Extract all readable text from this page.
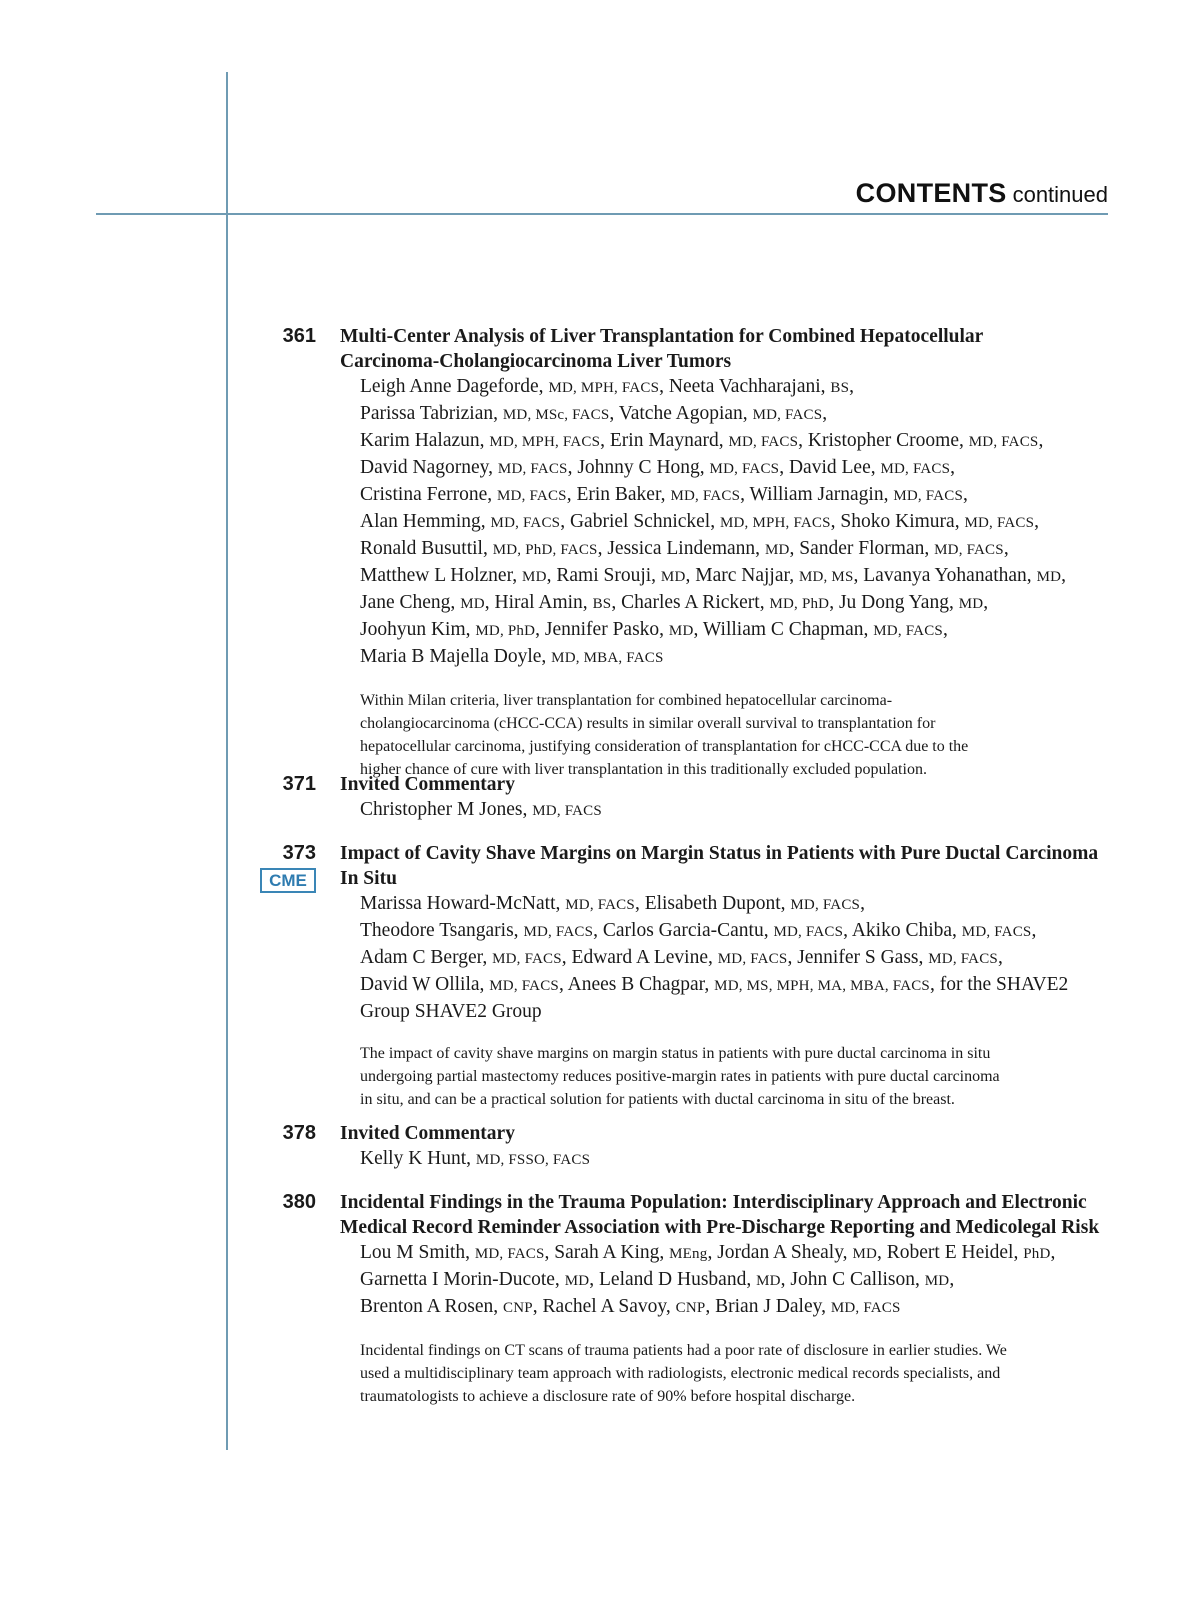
CONTENTS continued
361 Multi-Center Analysis of Liver Transplantation for Combined Hepatocellular
Carcinoma-Cholangiocarcinoma Liver Tumors
Leigh Anne Dageforde, MD, MPH, FACS, Neeta Vachharajani, BS,
Parissa Tabrizian, MD, MSc, FACS, Vatche Agopian, MD, FACS,
Karim Halazun, MD, MPH, FACS, Erin Maynard, MD, FACS, Kristopher Croome, MD, FACS,
David Nagorney, MD, FACS, Johnny C Hong, MD, FACS, David Lee, MD, FACS,
Cristina Ferrone, MD, FACS, Erin Baker, MD, FACS, William Jarnagin, MD, FACS,
Alan Hemming, MD, FACS, Gabriel Schnickel, MD, MPH, FACS, Shoko Kimura, MD, FACS,
Ronald Busuttil, MD, PhD, FACS, Jessica Lindemann, MD, Sander Florman, MD, FACS,
Matthew L Holzner, MD, Rami Srouji, MD, Marc Najjar, MD, MS, Lavanya Yohanathan, MD,
Jane Cheng, MD, Hiral Amin, BS, Charles A Rickert, MD, PhD, Ju Dong Yang, MD,
Joohyun Kim, MD, PhD, Jennifer Pasko, MD, William C Chapman, MD, FACS,
Maria B Majella Doyle, MD, MBA, FACS
Within Milan criteria, liver transplantation for combined hepatocellular carcinoma-
cholangiocarcinoma (cHCC-CCA) results in similar overall survival to transplantation for
hepatocellular carcinoma, justifying consideration of transplantation for cHCC-CCA due to the
higher chance of cure with liver transplantation in this traditionally excluded population.
371 Invited Commentary
Christopher M Jones, MD, FACS
373
CME
Impact of Cavity Shave Margins on Margin Status in Patients with Pure Ductal Carcinoma
In Situ
Marissa Howard-McNatt, MD, FACS, Elisabeth Dupont, MD, FACS,
Theodore Tsangaris, MD, FACS, Carlos Garcia-Cantu, MD, FACS, Akiko Chiba, MD, FACS,
Adam C Berger, MD, FACS, Edward A Levine, MD, FACS, Jennifer S Gass, MD, FACS,
David W Ollila, MD, FACS, Anees B Chagpar, MD, MS, MPH, MA, MBA, FACS, for the SHAVE2
Group SHAVE2 Group
The impact of cavity shave margins on margin status in patients with pure ductal carcinoma in situ
undergoing partial mastectomy reduces positive-margin rates in patients with pure ductal carcinoma
in situ, and can be a practical solution for patients with ductal carcinoma in situ of the breast.
378 Invited Commentary
Kelly K Hunt, MD, FSSO, FACS
380 Incidental Findings in the Trauma Population: Interdisciplinary Approach and Electronic
Medical Record Reminder Association with Pre-Discharge Reporting and Medicolegal Risk
Lou M Smith, MD, FACS, Sarah A King, MEng, Jordan A Shealy, MD, Robert E Heidel, PhD,
Garnetta I Morin-Ducote, MD, Leland D Husband, MD, John C Callison, MD,
Brenton A Rosen, CNP, Rachel A Savoy, CNP, Brian J Daley, MD, FACS
Incidental findings on CT scans of trauma patients had a poor rate of disclosure in earlier studies. We
used a multidisciplinary team approach with radiologists, electronic medical records specialists, and
traumatologists to achieve a disclosure rate of 90% before hospital discharge.
